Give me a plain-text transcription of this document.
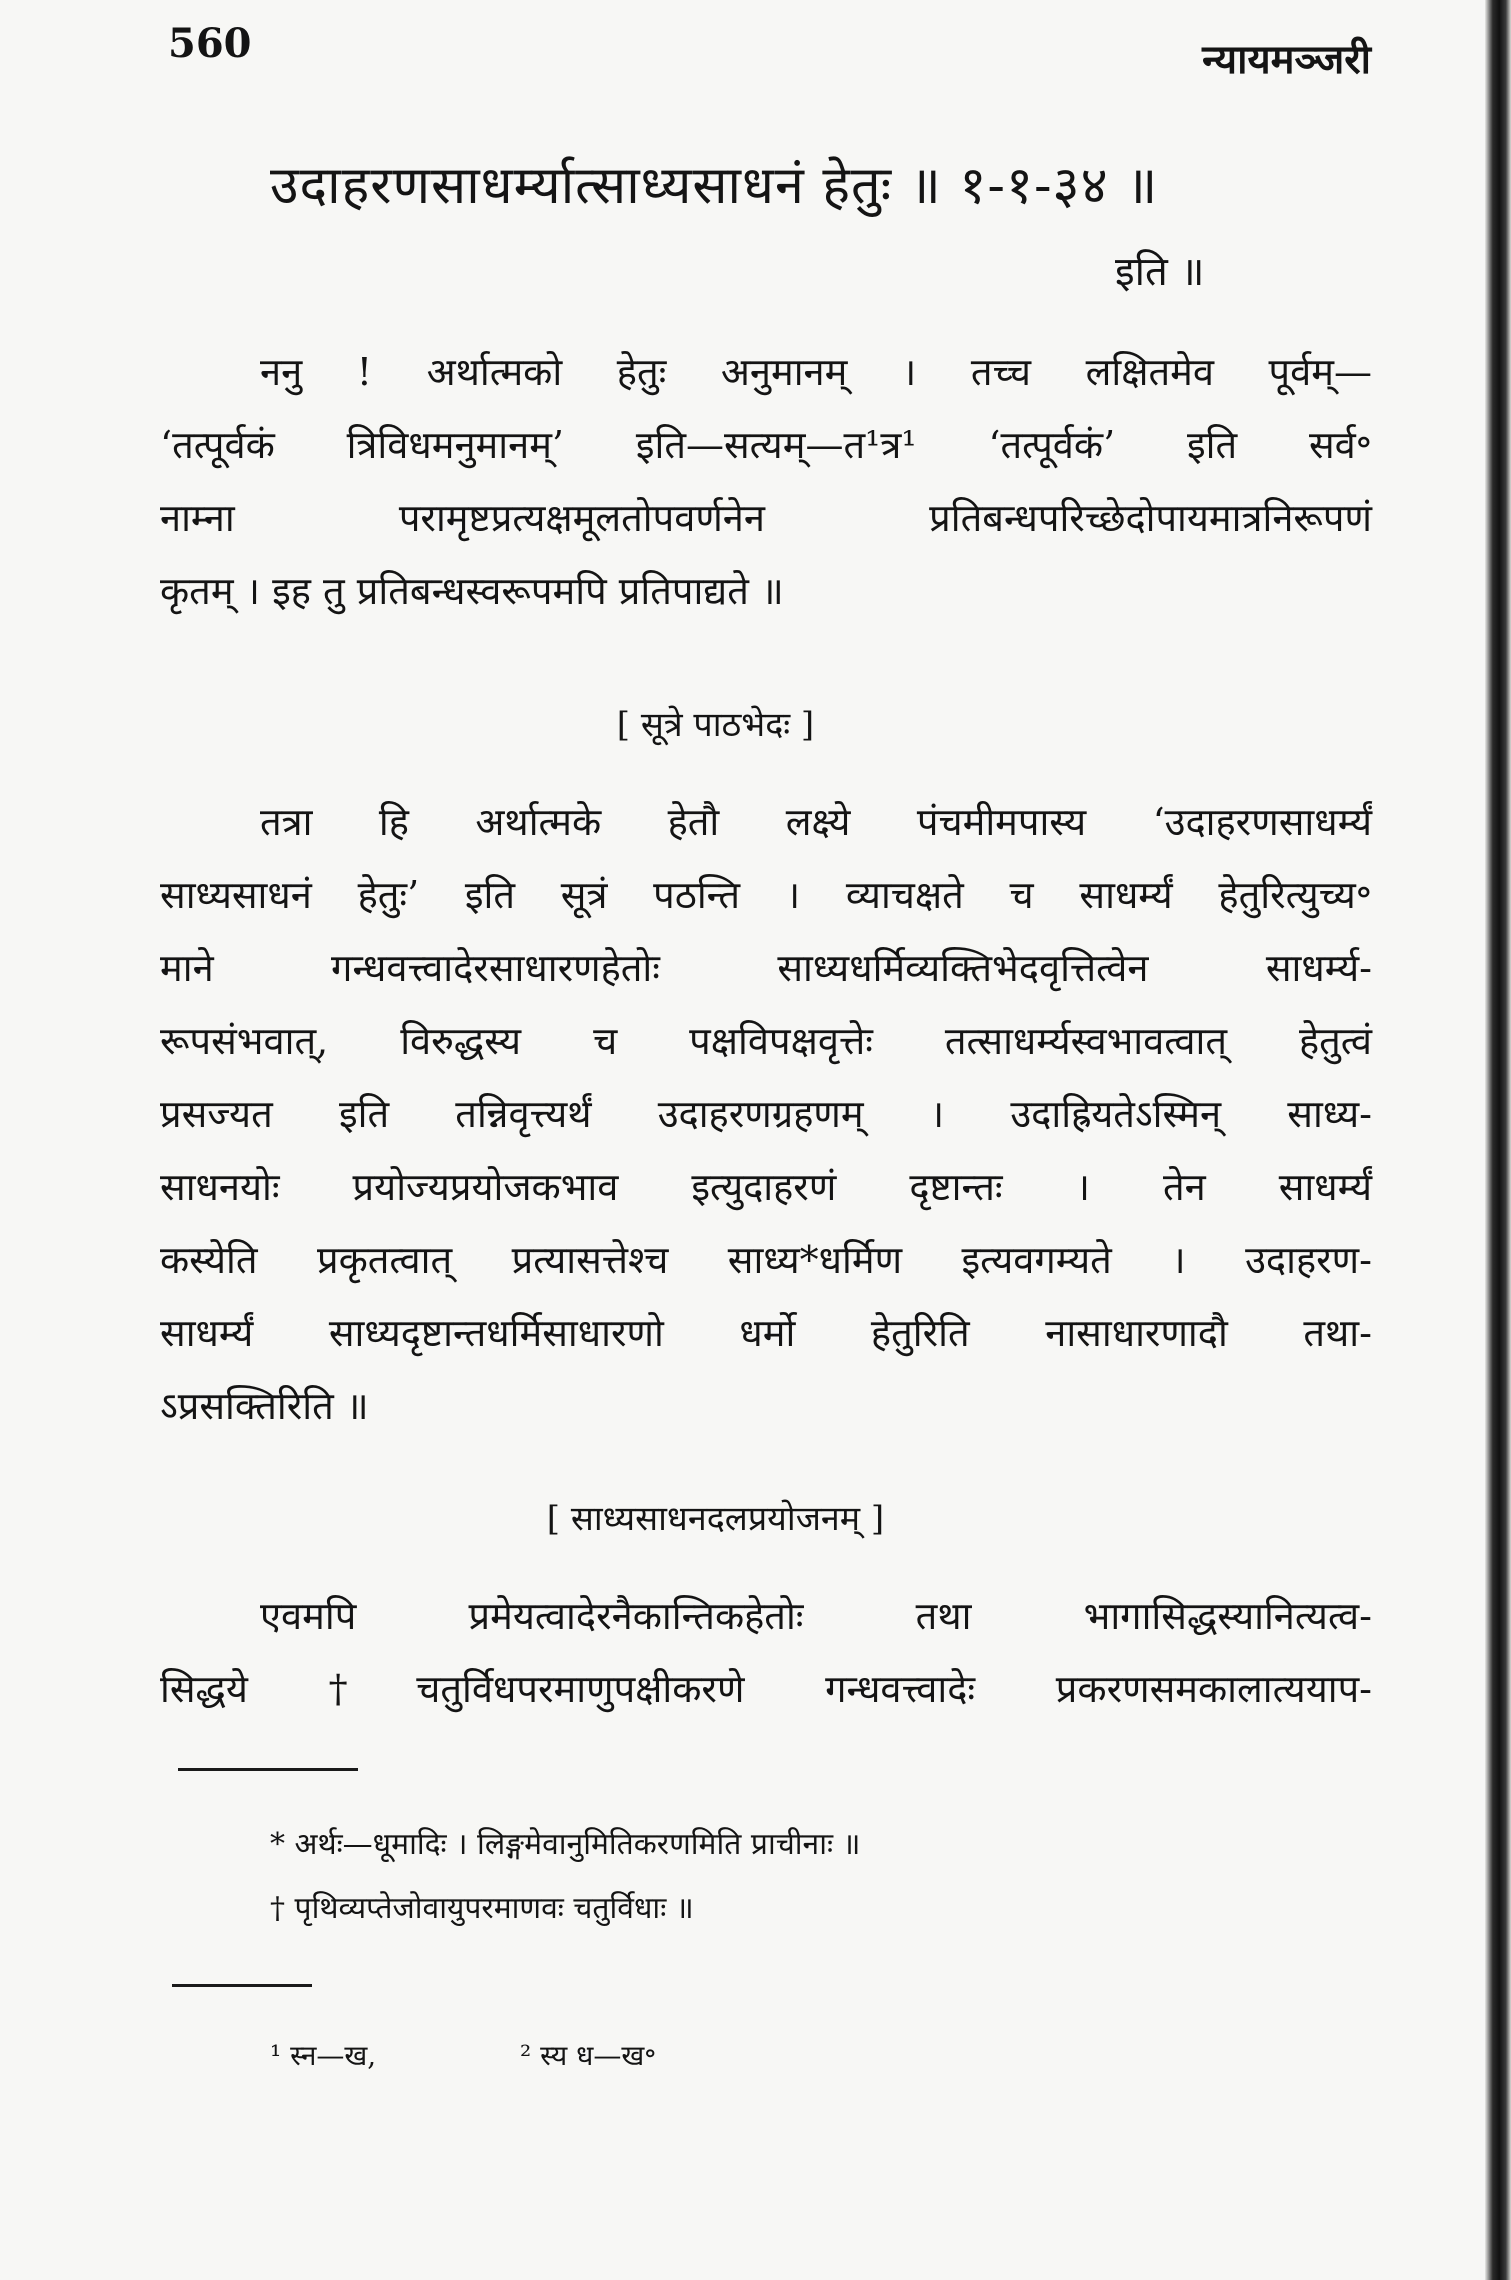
560	न्यायमञ्जरी
उदाहरणसाधर्म्यात्साध्यसाधनं हेतुः ॥ १-१-३४ ॥
इति ॥
ननु ! अर्थात्मको हेतुः अनुमानम् । तच्च लक्षितमेव पूर्वम्—
‘तत्पूर्वकं त्रिविधमनुमानम्’ इति—सत्यम्—त¹त्र¹ ‘तत्पूर्वकं’ इति सर्व॰
नाम्ना परामृष्टप्रत्यक्षमूलतोपवर्णनेन प्रतिबन्धपरिच्छेदोपायमात्रनिरूपणं
कृतम् । इह तु प्रतिबन्धस्वरूपमपि प्रतिपाद्यते ॥
[ सूत्रे पाठभेदः ]
तत्रा हि अर्थात्मके हेतौ लक्ष्ये पंचमीमपास्य ‘उदाहरणसाधर्म्यं
साध्यसाधनं हेतुः’ इति सूत्रं पठन्ति । व्याचक्षते च साधर्म्यं हेतुरित्युच्य॰
माने गन्धवत्त्वादेरसाधारणहेतोः साध्यधर्मिव्यक्तिभेदवृत्तित्वेन साधर्म्य-
रूपसंभवात्, विरुद्धस्य च पक्षविपक्षवृत्तेः तत्साधर्म्यस्वभावत्वात् हेतुत्वं
प्रसज्यत इति तन्निवृत्त्यर्थं उदाहरणग्रहणम् । उदाह्रियतेऽस्मिन् साध्य-
साधनयोः प्रयोज्यप्रयोजकभाव इत्युदाहरणं दृष्टान्तः । तेन साधर्म्यं
कस्येति प्रकृतत्वात् प्रत्यासत्तेश्च साध्य*धर्मिण इत्यवगम्यते । उदाहरण-
साधर्म्यं साध्यदृष्टान्तधर्मिसाधारणो धर्मो हेतुरिति नासाधारणादौ तथा-
ऽप्रसक्तिरिति ॥
[ साध्यसाधनदलप्रयोजनम् ]
एवमपि प्रमेयत्वादेरनैकान्तिकहेतोः तथा भागासिद्धस्यानित्यत्व-
सिद्धये †चतुर्विधपरमाणुपक्षीकरणे गन्धवत्त्वादेः प्रकरणसमकालात्ययाप-
* अर्थः—धूमादिः । लिङ्गमेवानुमितिकरणमिति प्राचीनाः ॥
† पृथिव्यप्तेजोवायुपरमाणवः चतुर्विधाः ॥
¹ स्न—ख,	² स्य ध—ख॰
